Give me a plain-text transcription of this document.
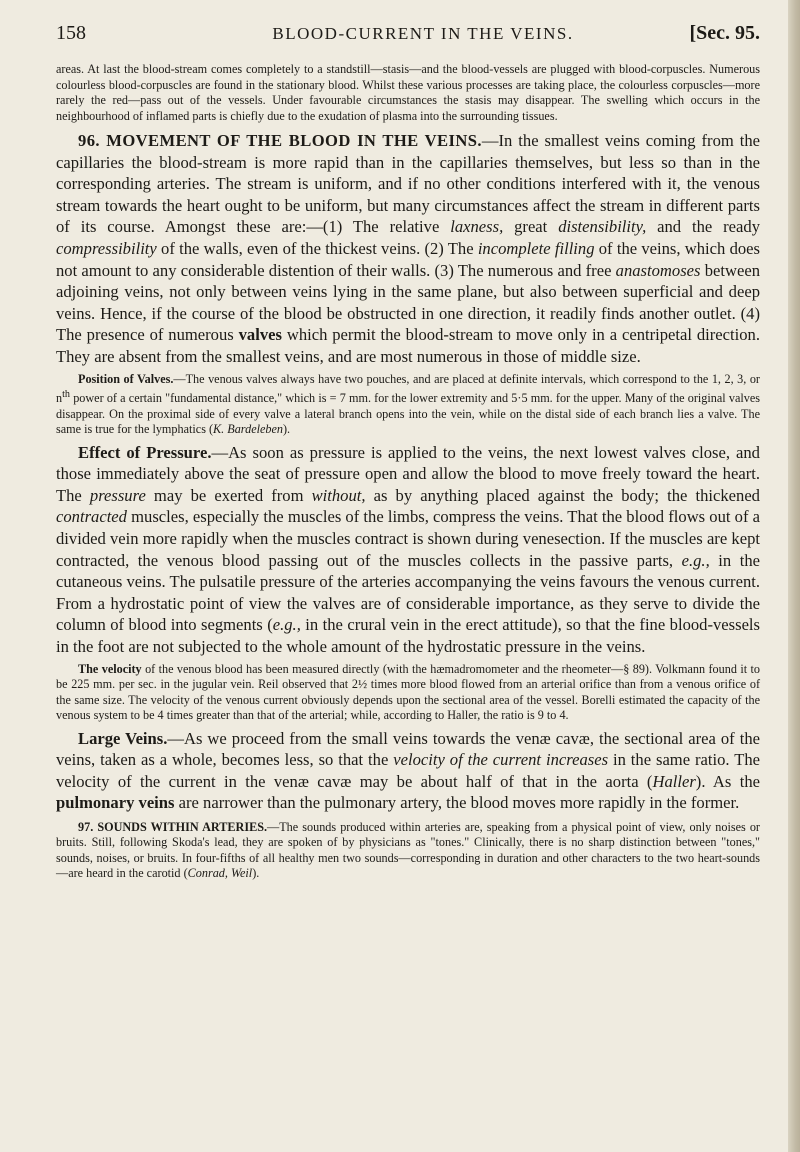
158	BLOOD-CURRENT IN THE VEINS.	[Sec. 95.

areas. At last the blood-stream comes completely to a standstill—stasis—and the blood-vessels are plugged with blood-corpuscles. Numerous colourless blood-corpuscles are found in the stationary blood. Whilst these various processes are taking place, the colourless corpuscles—more rarely the red—pass out of the vessels. Under favourable circumstances the stasis may disappear. The swelling which occurs in the neighbourhood of inflamed parts is chiefly due to the exudation of plasma into the surrounding tissues.

96. MOVEMENT OF THE BLOOD IN THE VEINS.—In the smallest veins coming from the capillaries the blood-stream is more rapid than in the capillaries themselves, but less so than in the corresponding arteries. The stream is uniform, and if no other conditions interfered with it, the venous stream towards the heart ought to be uniform, but many circumstances affect the stream in different parts of its course. Amongst these are:—(1) The relative laxness, great distensibility, and the ready compressibility of the walls, even of the thickest veins. (2) The incomplete filling of the veins, which does not amount to any considerable distention of their walls. (3) The numerous and free anastomoses between adjoining veins, not only between veins lying in the same plane, but also between superficial and deep veins. Hence, if the course of the blood be obstructed in one direction, it readily finds another outlet. (4) The presence of numerous valves which permit the blood-stream to move only in a centripetal direction. They are absent from the smallest veins, and are most numerous in those of middle size.

Position of Valves.—The venous valves always have two pouches, and are placed at definite intervals, which correspond to the 1, 2, 3, or $n^{th}$ power of a certain "fundamental distance," which is = 7 mm. for the lower extremity and 5·5 mm. for the upper. Many of the original valves disappear. On the proximal side of every valve a lateral branch opens into the vein, while on the distal side of each branch lies a valve. The same is true for the lymphatics (K. Bardeleben).

Effect of Pressure.—As soon as pressure is applied to the veins, the next lowest valves close, and those immediately above the seat of pressure open and allow the blood to move freely toward the heart. The pressure may be exerted from without, as by anything placed against the body; the thickened contracted muscles, especially the muscles of the limbs, compress the veins. That the blood flows out of a divided vein more rapidly when the muscles contract is shown during venesection. If the muscles are kept contracted, the venous blood passing out of the muscles collects in the passive parts, e.g., in the cutaneous veins. The pulsatile pressure of the arteries accompanying the veins favours the venous current. From a hydrostatic point of view the valves are of considerable importance, as they serve to divide the column of blood into segments (e.g., in the crural vein in the erect attitude), so that the fine blood-vessels in the foot are not subjected to the whole amount of the hydrostatic pressure in the veins.

The velocity of the venous blood has been measured directly (with the hæmadromometer and the rheometer—§ 89). Volkmann found it to be 225 mm. per sec. in the jugular vein. Reil observed that 2½ times more blood flowed from an arterial orifice than from a venous orifice of the same size. The velocity of the venous current obviously depends upon the sectional area of the vessel. Borelli estimated the capacity of the venous system to be 4 times greater than that of the arterial; while, according to Haller, the ratio is 9 to 4.

Large Veins.—As we proceed from the small veins towards the venæ cavæ, the sectional area of the veins, taken as a whole, becomes less, so that the velocity of the current increases in the same ratio. The velocity of the current in the venæ cavæ may be about half of that in the aorta (Haller). As the pulmonary veins are narrower than the pulmonary artery, the blood moves more rapidly in the former.

97. SOUNDS WITHIN ARTERIES.—The sounds produced within arteries are, speaking from a physical point of view, only noises or bruits. Still, following Skoda's lead, they are spoken of by physicians as "tones." Clinically, there is no sharp distinction between "tones," sounds, noises, or bruits. In four-fifths of all healthy men two sounds—corresponding in duration and other characters to the two heart-sounds—are heard in the carotid (Conrad, Weil).
